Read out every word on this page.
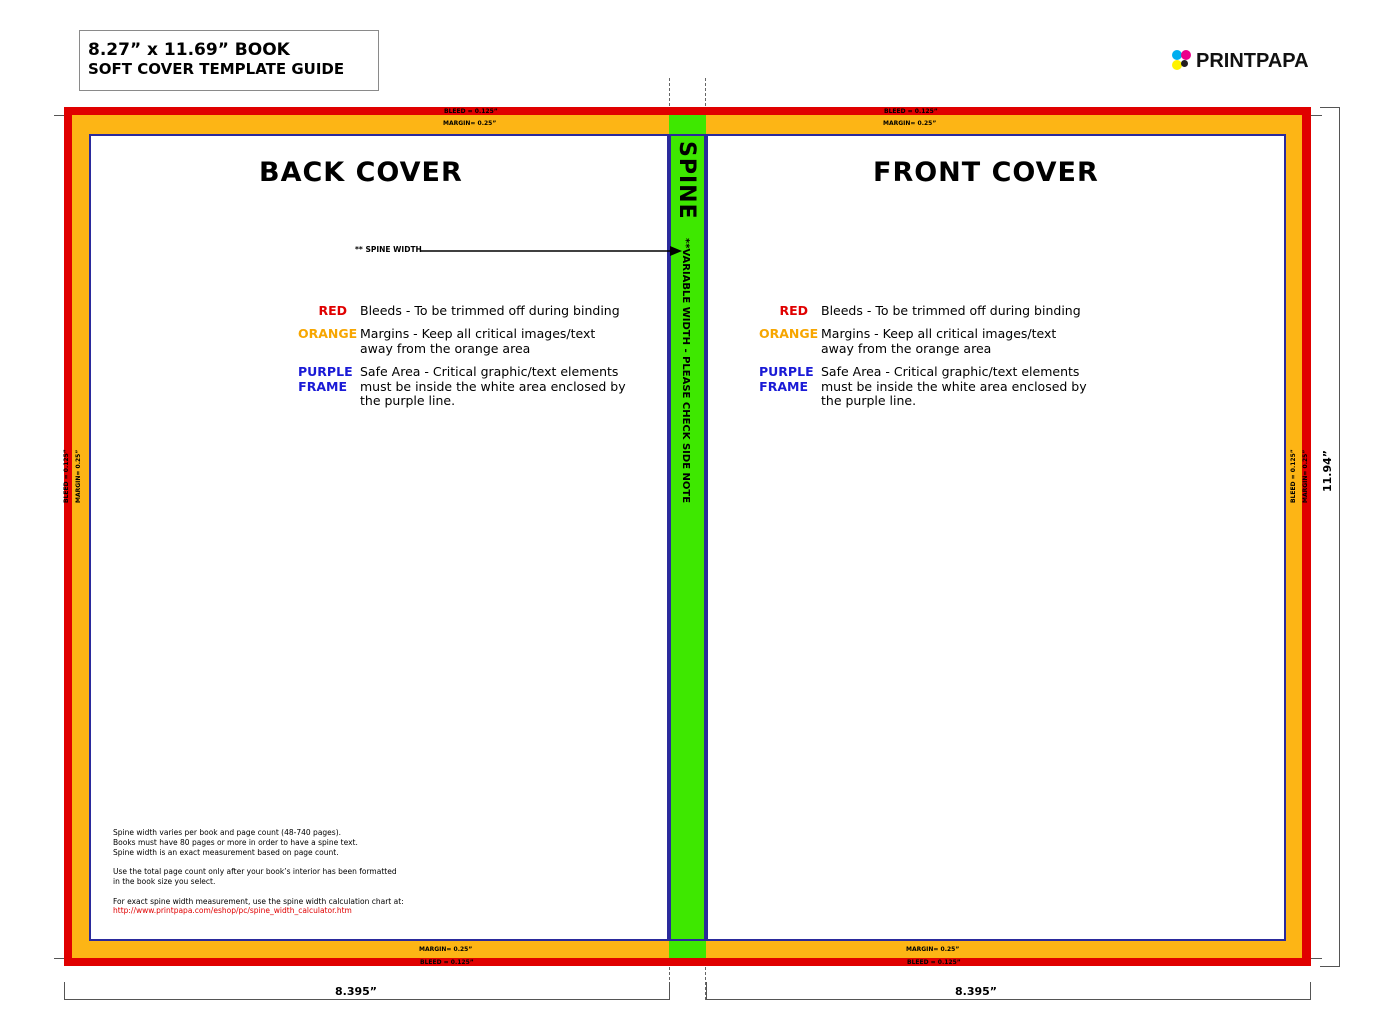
8.27” x 11.69” BOOK
SOFT COVER TEMPLATE GUIDE	PRINTPAPA
BLEED = 0.125”
MARGIN= 0.25”
BLEED = 0.125”
MARGIN= 0.25”
MARGIN= 0.25”
BLEED = 0.125”
MARGIN= 0.25”
BLEED = 0.125”
BLEED = 0.125” MARGIN= 0.25”	BLEED = 0.125” MARGIN= 0.25”
BACK COVER	FRONT COVER
** SPINE WIDTH
SPINE
**VARIABLE WIDTH - PLEASE CHECK SIDE NOTE
RED	Bleeds - To be trimmed off during binding
ORANGE Margins - Keep all critical images/text away from the orange area
PURPLE FRAME
Safe Area - Critical graphic/text elements must be inside the white area enclosed by the purple line.
RED	Bleeds - To be trimmed off during binding
ORANGE Margins - Keep all critical images/text away from the orange area
PURPLE FRAME
Safe Area - Critical graphic/text elements must be inside the white area enclosed by the purple line.

Spine width varies per book and page count (48-740 pages).

Books must have 80 pages or more in order to have a spine text.

Spine width is an exact measurement based on page count.

Use the total page count only after your book’s interior has been formatted

in the book size you select.

For exact spine width measurement, use the spine width calculation chart at:

http://www.printpapa.com/eshop/pc/spine_width_calculator.htm

8.395”	8.395”
11.94”
